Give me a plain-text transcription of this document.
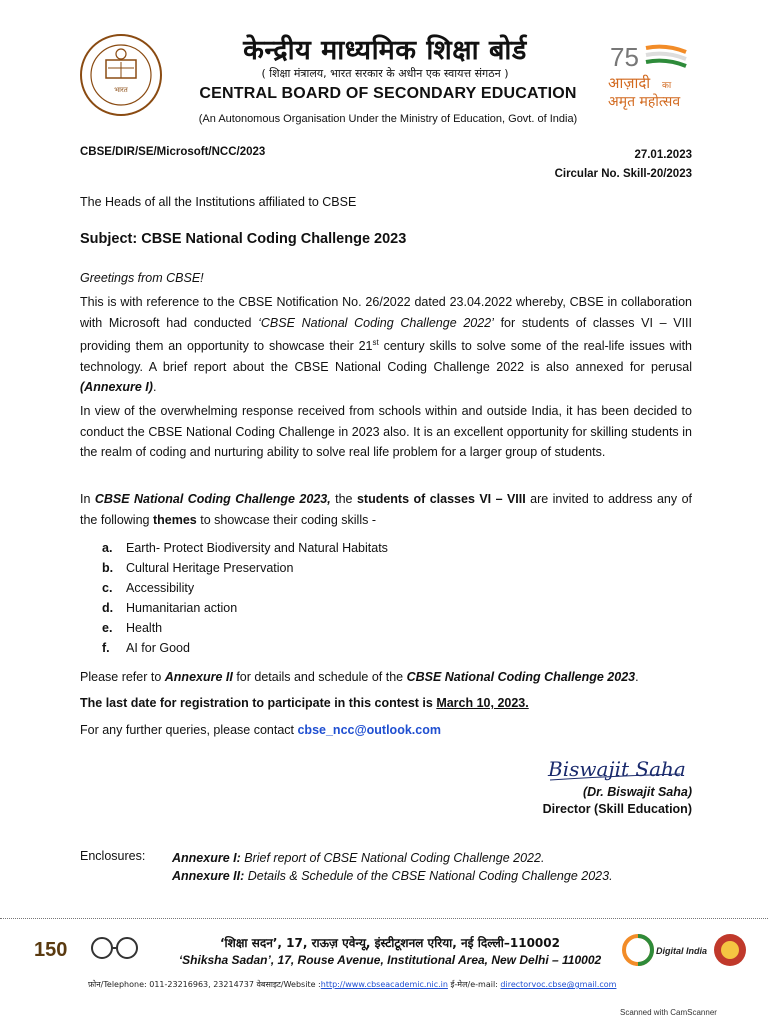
भारत
केन्द्रीय माध्यमिक शिक्षा बोर्ड
( शिक्षा मंत्रालय, भारत सरकार के अधीन एक स्वायत्त संगठन )
CENTRAL BOARD OF SECONDARY EDUCATION
(An Autonomous Organisation Under the Ministry of Education, Govt. of India)
75
आज़ादी का
अमृत महोत्सव
CBSE/DIR/SE/Microsoft/NCC/2023	27.01.2023
Circular No. Skill-20/2023
The Heads of all the Institutions affiliated to CBSE
Subject: CBSE National Coding Challenge 2023
Greetings from CBSE!
This is with reference to the CBSE Notification No. 26/2022 dated 23.04.2022 whereby, CBSE in collaboration with Microsoft had conducted ‘CBSE National Coding Challenge 2022’ for students of classes VI – VIII providing them an opportunity to showcase their 21st century skills to solve some of the real-life issues with technology. A brief report about the CBSE National Coding Challenge 2022 is also annexed for perusal (Annexure I).
In view of the overwhelming response received from schools within and outside India, it has been decided to conduct the CBSE National Coding Challenge in 2023 also. It is an excellent opportunity for skilling students in the realm of coding and nurturing ability to solve real life problem for a larger group of students.
In CBSE National Coding Challenge 2023, the students of classes VI – VIII are invited to address any of the following themes to showcase their coding skills -
a.	Earth- Protect Biodiversity and Natural Habitats
b.	Cultural Heritage Preservation
c.	Accessibility
d.	Humanitarian action
e.	Health
f.	AI for Good
Please refer to Annexure II for details and schedule of the CBSE National Coding Challenge 2023.
The last date for registration to participate in this contest is March 10, 2023.
For any further queries, please contact cbse_ncc@outlook.com
Biswajit Saha
(Dr. Biswajit Saha)
Director (Skill Education)
Enclosures: Annexure I: Brief report of CBSE National Coding Challenge 2022.
Annexure II: Details & Schedule of the CBSE National Coding Challenge 2023.
150	‘शिक्षा सदन’, 17, राऊज़ एवेन्यू, इंस्टीटूशनल एरिया, नई दिल्ली–110002
‘Shiksha Sadan’, 17, Rouse Avenue, Institutional Area, New Delhi – 110002
Digital India
फ़ोन/Telephone: 011-23216963, 23214737 वेबसाइट/Website :http://www.cbseacademic.nic.in ई-मेल/e-mail: directorvoc.cbse@gmail.com
Scanned with CamScanner
